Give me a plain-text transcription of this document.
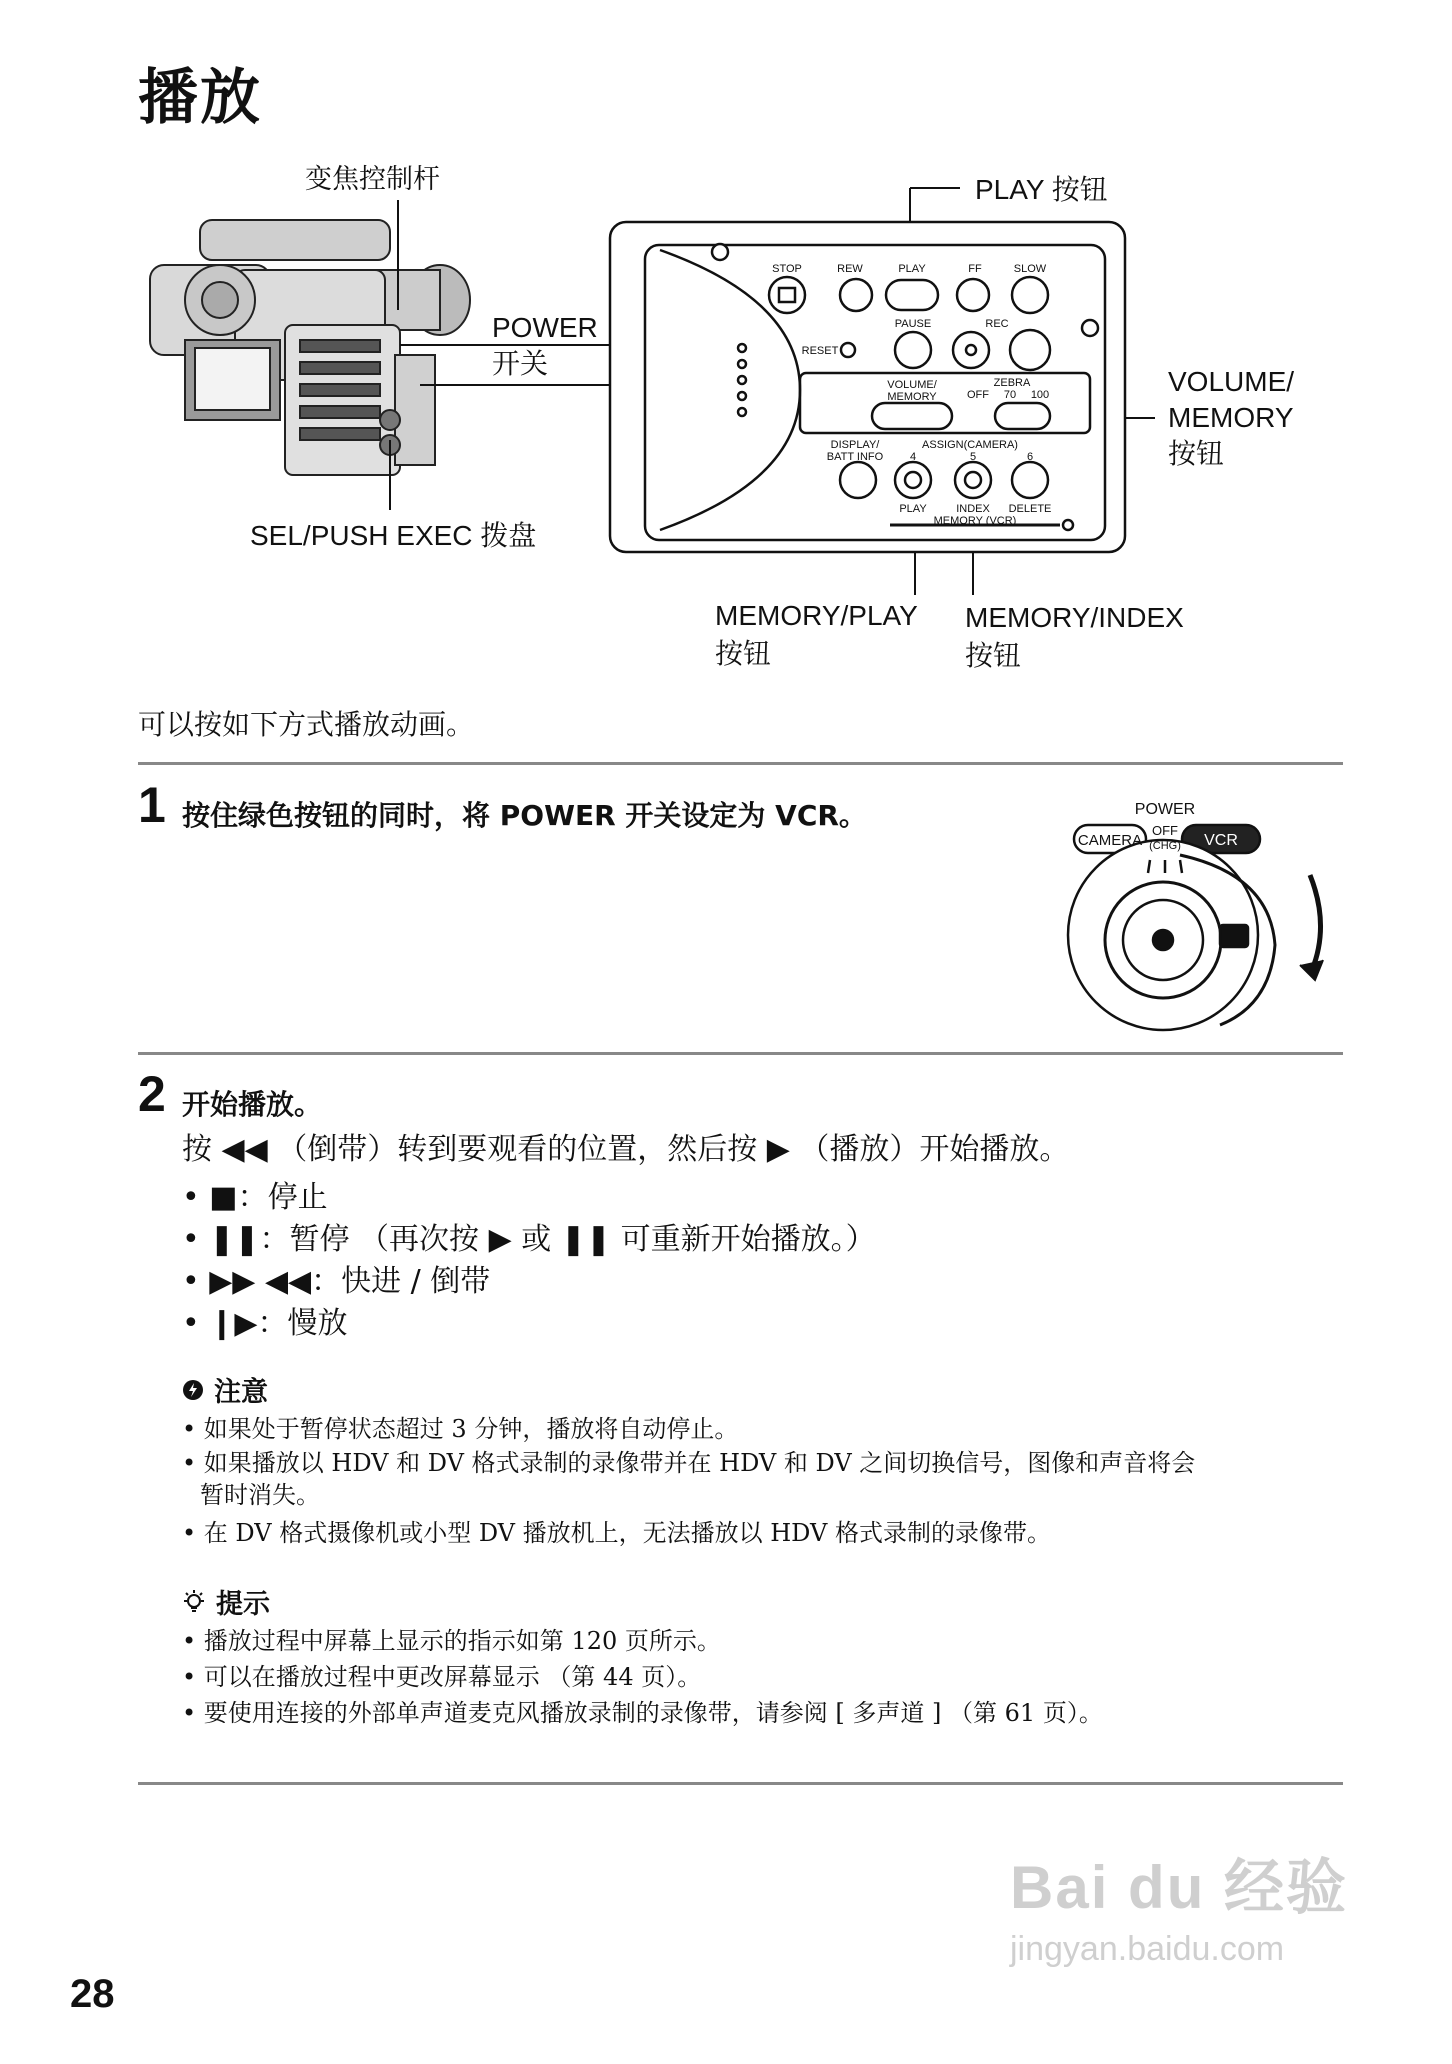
播放
STOP	REW	PLAY	FF	SLOW
PAUSE	REC
RESET
VOLUME/
MEMORY
ZEBRA
OFF 70 100
DISPLAY/
BATT INFO
ASSIGN(CAMERA)
4	5	6
PLAY	INDEX DELETE
MEMORY (VCR)
变焦控制杆	PLAY 按钮
POWER
开关
VOLUME/
MEMORY
按钮
SEL/PUSH EXEC 拨盘
MEMORY/PLAY
按钮
MEMORY/INDEX
按钮
可以按如下方式播放动画。
1 按住绿色按钮的同时，将 POWER 开关设定为 VCR。	POWER
CAMERA
OFF
(CHG) VCR
2 开始播放。
按 ◀◀ （倒带）转到要观看的位置，然后按 ▶ （播放）开始播放。
• ■：停止
• ❚❚：暂停 （再次按 ▶ 或 ❚❚ 可重新开始播放。）
• ▶▶ ◀◀：快进 / 倒带
• ❙▶：慢放
注意
• 如果处于暂停状态超过 3 分钟，播放将自动停止。
• 如果播放以 HDV 和 DV 格式录制的录像带并在 HDV 和 DV 之间切换信号，图像和声音将会
暂时消失。
• 在 DV 格式摄像机或小型 DV 播放机上，无法播放以 HDV 格式录制的录像带。
提示
• 播放过程中屏幕上显示的指示如第 120 页所示。
• 可以在播放过程中更改屏幕显示 （第 44 页）。
• 要使用连接的外部单声道麦克风播放录制的录像带，请参阅 [ 多声道 ] （第 61 页）。
Bai du 经验
jingyan.baidu.com
28
